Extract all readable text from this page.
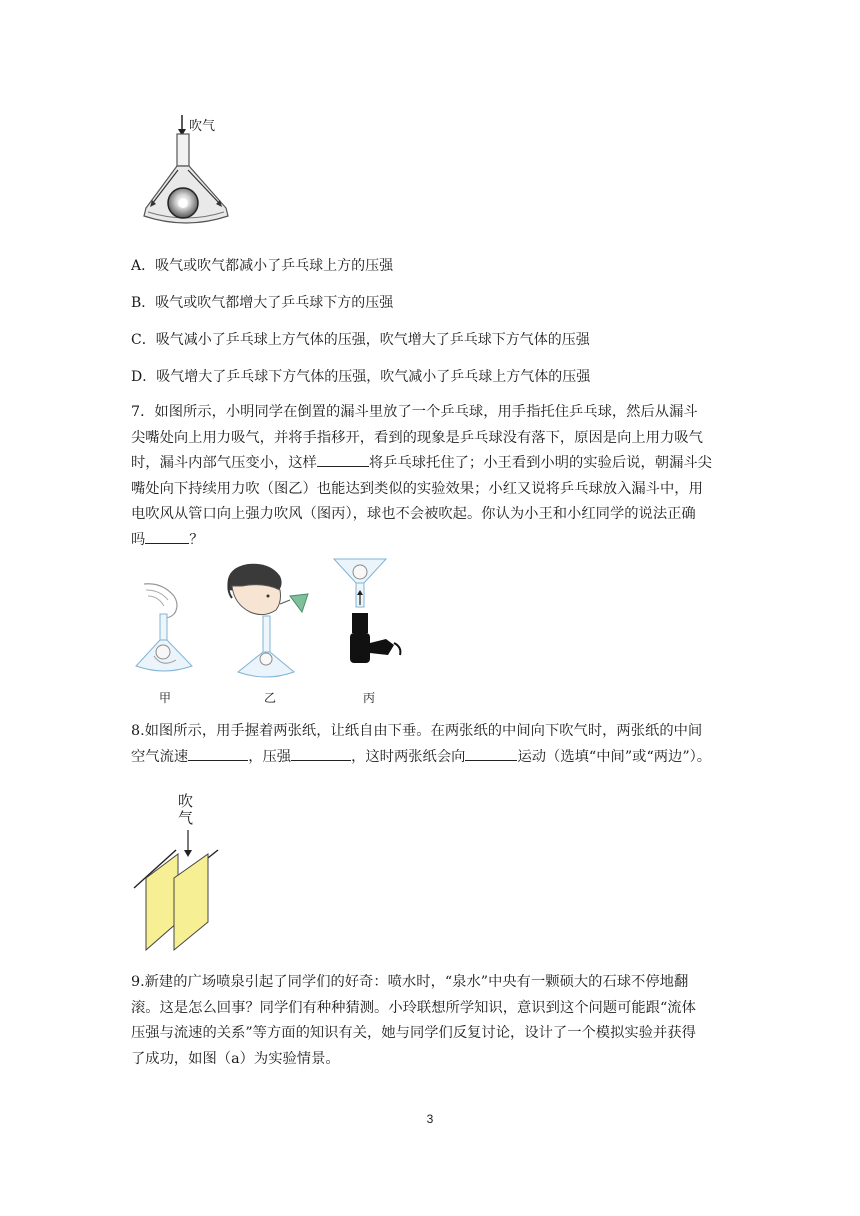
吹气
A．吸气或吹气都减小了乒乓球上方的压强
B．吸气或吹气都增大了乒乓球下方的压强
C．吸气减小了乒乓球上方气体的压强，吹气增大了乒乓球下方气体的压强
D．吸气增大了乒乓球下方气体的压强，吹气减小了乒乓球上方气体的压强
7．如图所示，小明同学在倒置的漏斗里放了一个乒乓球，用手指托住乒乓球，然后从漏斗
尖嘴处向上用力吸气，并将手指移开，看到的现象是乒乓球没有落下，原因是向上用力吸气
时，漏斗内部气压变小，这样	将乒乓球托住了；小王看到小明的实验后说，朝漏斗尖
嘴处向下持续用力吹（图乙）也能达到类似的实验效果；小红又说将乒乓球放入漏斗中，用
电吹风从管口向上强力吹风（图丙），球也不会被吹起。你认为小王和小红同学的说法正确
吗	？
甲	乙	丙
8.如图所示，用手握着两张纸，让纸自由下垂。在两张纸的中间向下吹气时，两张纸的中间
空气流速	，压强	，这时两张纸会向	运动（选填“中间”或“两边”）。
吹
气
9.新建的广场喷泉引起了同学们的好奇：喷水时，“泉水”中央有一颗硕大的石球不停地翻
滚。这是怎么回事？同学们有种种猜测。小玲联想所学知识，意识到这个问题可能跟“流体
压强与流速的关系”等方面的知识有关，她与同学们反复讨论，设计了一个模拟实验并获得
了成功，如图（a）为实验情景。
3
